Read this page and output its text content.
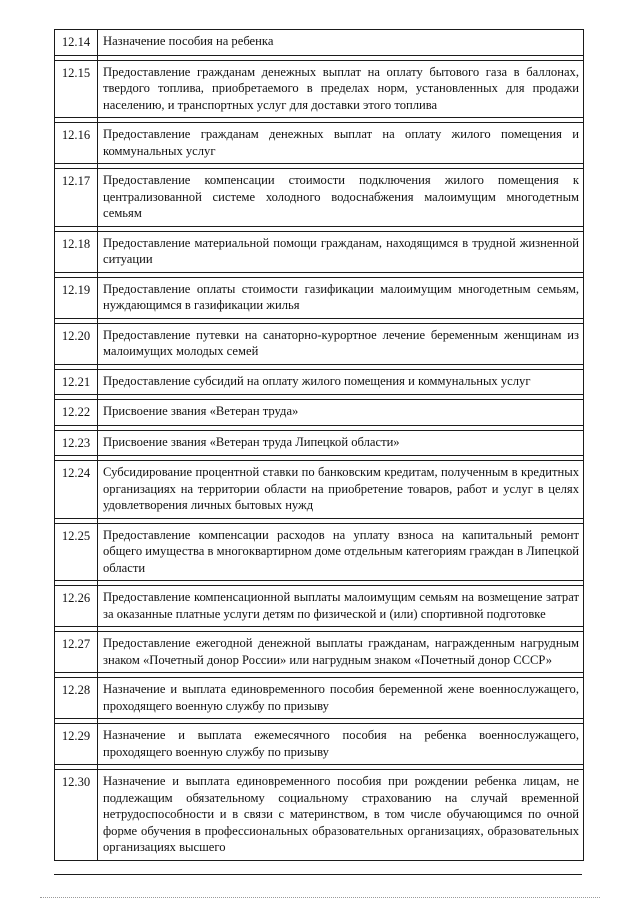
12.14	Назначение пособия на ребенка

12.15	Предоставление гражданам денежных выплат на оплату бытового газа в баллонах, твердого топлива, приобретаемого в пределах норм, установленных для продажи населению, и транспортных услуг для доставки этого топлива

12.16	Предоставление гражданам денежных выплат на оплату жилого помещения и коммунальных услуг

12.17	Предоставление компенсации стоимости подключения жилого помещения к централизованной системе холодного водоснабжения малоимущим многодетным семьям

12.18	Предоставление материальной помощи гражданам, находящимся в трудной жизненной ситуации

12.19	Предоставление оплаты стоимости газификации малоимущим многодетным семьям, нуждающимся в газификации жилья

12.20	Предоставление путевки на санаторно-курортное лечение беременным женщинам из малоимущих молодых семей

12.21	Предоставление субсидий на оплату жилого помещения и коммунальных услуг

12.22	Присвоение звания «Ветеран труда»

12.23	Присвоение звания «Ветеран труда Липецкой области»

12.24	Субсидирование процентной ставки по банковским кредитам, полученным в кредитных организациях на территории области на приобретение товаров, работ и услуг в целях удовлетворения личных бытовых нужд

12.25	Предоставление компенсации расходов на уплату взноса на капитальный ремонт общего имущества в многоквартирном доме отдельным категориям граждан в Липецкой области

12.26	Предоставление компенсационной выплаты малоимущим семьям на возмещение затрат за оказанные платные услуги детям по физической и (или) спортивной подготовке

12.27	Предоставление ежегодной денежной выплаты гражданам, награжденным нагрудным знаком «Почетный донор России» или нагрудным знаком «Почетный донор СССР»

12.28	Назначение и выплата единовременного пособия беременной жене военнослужащего, проходящего военную службу по призыву

12.29	Назначение и выплата ежемесячного пособия на ребенка военнослужащего, проходящего военную службу по призыву

12.30	Назначение и выплата единовременного пособия при рождении ребенка лицам, не подлежащим обязательному социальному страхованию на случай временной нетрудоспособности и в связи с материнством, в том числе обучающимся по очной форме обучения в профессиональных образовательных организациях, образовательных организациях высшего
